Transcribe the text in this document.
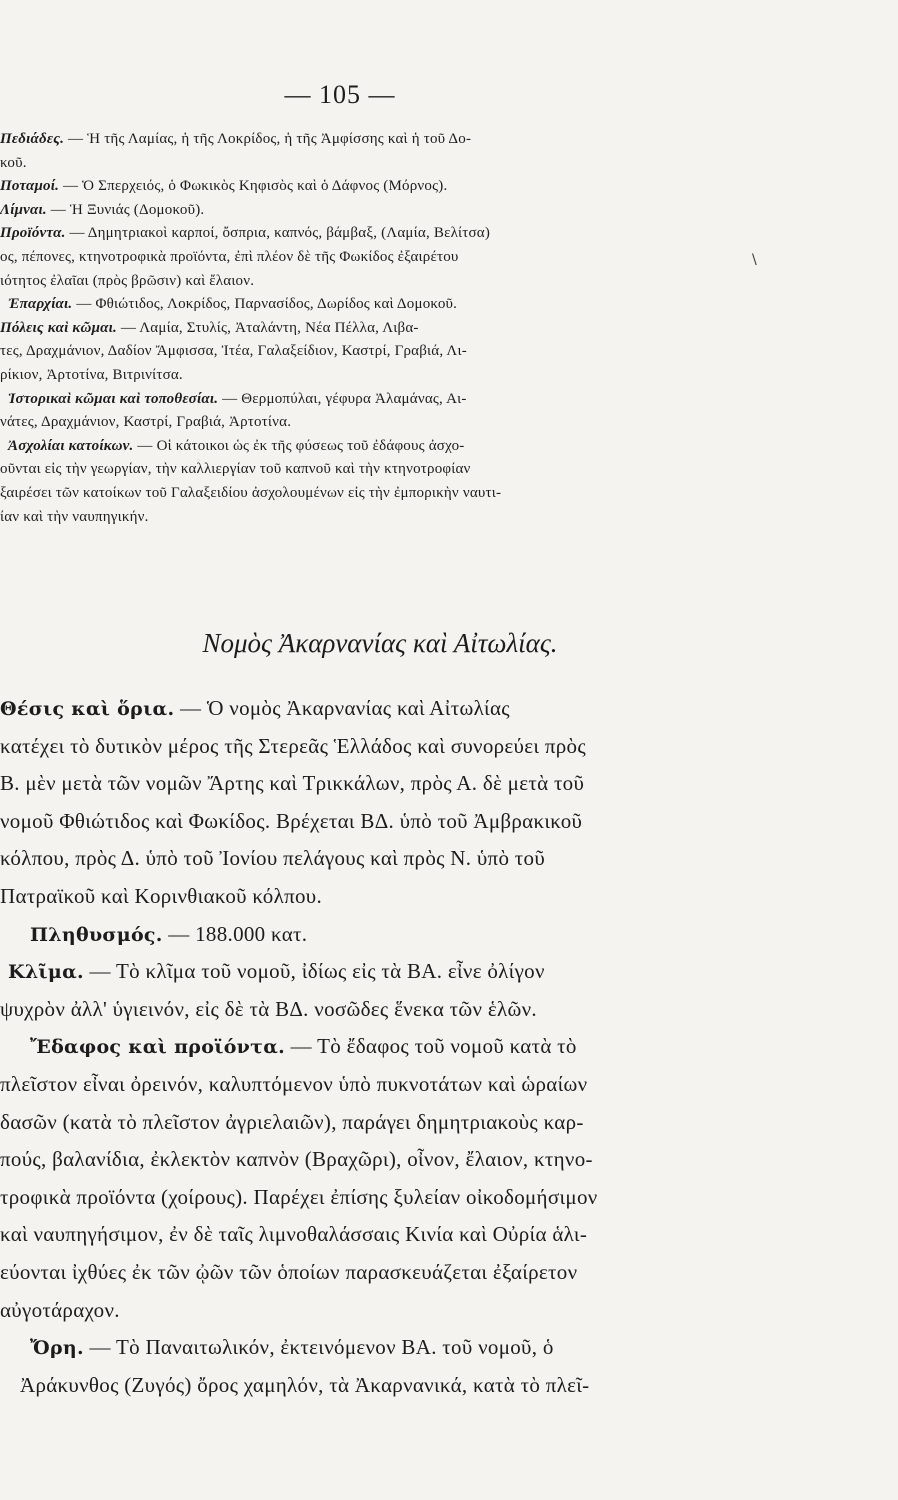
— 105 —
Πεδιάδες. — Ἡ τῆς Λαμίας, ἡ τῆς Λοκρίδος, ἡ τῆς Ἀμφίσσης καὶ ἡ τοῦ Δο-
κοῦ.
Ποταμοί. — Ὁ Σπερχειός, ὁ Φωκικὸς Κηφισὸς καὶ ὁ Δάφνος (Μόρνος).
Λίμναι. — Ἡ Ξυνιάς (Δομοκοῦ).
Προϊόντα. — Δημητριακοὶ καρποί, ὄσπρια, καπνός, βάμβαξ, (Λαμία, Βελίτσα)
ος, πέπονες, κτηνοτροφικὰ προϊόντα, ἐπὶ πλέον δὲ τῆς Φωκίδος ἐξαιρέτου
ιότητος ἐλαῖαι (πρὸς βρῶσιν) καὶ ἔλαιον.
Ἐπαρχίαι. — Φθιώτιδος, Λοκρίδος, Παρνασίδος, Δωρίδος καὶ Δομοκοῦ.
Πόλεις καὶ κῶμαι. — Λαμία, Στυλίς, Ἀταλάντη, Νέα Πέλλα, Λιβα-
τες, Δραχμάνιον, Δαδίον Ἄμφισσα, Ἰτέα, Γαλαξείδιον, Καστρί, Γραβιά, Λι-
ρίκιον, Ἀρτοτίνα, Βιτρινίτσα.
Ἱστορικαὶ κῶμαι καὶ τοποθεσίαι. — Θερμοπύλαι, γέφυρα Ἀλαμάνας, Αι-
νάτες, Δραχμάνιον, Καστρί, Γραβιά, Ἀρτοτίνα.
Ἀσχολίαι κατοίκων. — Οἱ κάτοικοι ὡς ἐκ τῆς φύσεως τοῦ ἐδάφους ἀσχο-
οῦνται εἰς τὴν γεωργίαν, τὴν καλλιεργίαν τοῦ καπνοῦ καὶ τὴν κτηνοτροφίαν
ξαιρέσει τῶν κατοίκων τοῦ Γαλαξειδίου ἀσχολουμένων εἰς τὴν ἐμπορικὴν ναυτι-
ίαν καὶ τὴν ναυπηγικήν.
Νομὸς Ἀκαρνανίας καὶ Αἰτωλίας.
Θέσις καὶ ὅρια. — Ὁ νομὸς Ἀκαρνανίας καὶ Αἰτωλίας
κατέχει τὸ δυτικὸν μέρος τῆς Στερεᾶς Ἑλλάδος καὶ συνορεύει πρὸς
Β. μὲν μετὰ τῶν νομῶν Ἄρτης καὶ Τρικκάλων, πρὸς Α. δὲ μετὰ τοῦ
νομοῦ Φθιώτιδος καὶ Φωκίδος. Βρέχεται ΒΔ. ὑπὸ τοῦ Ἀμβρακικοῦ
κόλπου, πρὸς Δ. ὑπὸ τοῦ Ἰονίου πελάγους καὶ πρὸς Ν. ὑπὸ τοῦ
Πατραϊκοῦ καὶ Κορινθιακοῦ κόλπου.
Πληθυσμός. — 188.000 κατ.
Κλῖμα. — Τὸ κλῖμα τοῦ νομοῦ, ἰδίως εἰς τὰ ΒΑ. εἶνε ὀλίγον
ψυχρὸν ἀλλ' ὑγιεινόν, εἰς δὲ τὰ ΒΔ. νοσῶδες ἕνεκα τῶν ἑλῶν.
Ἔδαφος καὶ προϊόντα. — Τὸ ἔδαφος τοῦ νομοῦ κατὰ τὸ
πλεῖστον εἶναι ὀρεινόν, καλυπτόμενον ὑπὸ πυκνοτάτων καὶ ὡραίων
δασῶν (κατὰ τὸ πλεῖστον ἀγριελαιῶν), παράγει δημητριακοὺς καρ-
πούς, βαλανίδια, ἐκλεκτὸν καπνὸν (Βραχῶρι), οἶνον, ἔλαιον, κτηνο-
τροφικὰ προϊόντα (χοίρους). Παρέχει ἐπίσης ξυλείαν οἰκοδομήσιμον
καὶ ναυπηγήσιμον, ἐν δὲ ταῖς λιμνοθαλάσσαις Κινία καὶ Οὐρία ἁλι-
εύονται ἰχθύες ἐκ τῶν ᾠῶν τῶν ὁποίων παρασκευάζεται ἐξαίρετον
αὐγοτάραχον.
Ὄρη. — Τὸ Παναιτωλικόν, ἐκτεινόμενον ΒΑ. τοῦ νομοῦ, ὁ
Ἀράκυνθος (Ζυγός) ὄρος χαμηλόν, τὰ Ἀκαρνανικά, κατὰ τὸ πλεῖ-
\
